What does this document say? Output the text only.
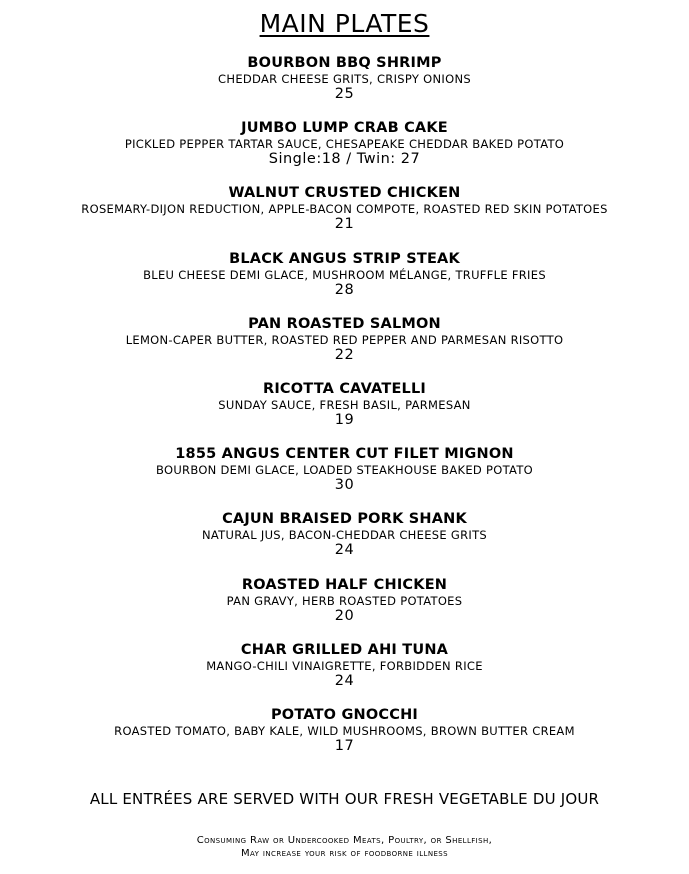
MAIN PLATES
BOURBON BBQ SHRIMP
CHEDDAR CHEESE GRITS, CRISPY ONIONS
25
JUMBO LUMP CRAB CAKE
PICKLED PEPPER TARTAR SAUCE, CHESAPEAKE CHEDDAR BAKED POTATO
Single:18 / Twin: 27
WALNUT CRUSTED CHICKEN
ROSEMARY-DIJON REDUCTION, APPLE-BACON COMPOTE, ROASTED RED SKIN POTATOES
21
BLACK ANGUS STRIP STEAK
BLEU CHEESE DEMI GLACE, MUSHROOM MÉLANGE, TRUFFLE FRIES
28
PAN ROASTED SALMON
LEMON-CAPER BUTTER, ROASTED RED PEPPER AND PARMESAN RISOTTO
22
RICOTTA CAVATELLI
SUNDAY SAUCE, FRESH BASIL, PARMESAN
19
1855 ANGUS CENTER CUT FILET MIGNON
BOURBON DEMI GLACE, LOADED STEAKHOUSE BAKED POTATO
30
CAJUN BRAISED PORK SHANK
NATURAL JUS, BACON-CHEDDAR CHEESE GRITS
24
ROASTED HALF CHICKEN
PAN GRAVY, HERB ROASTED POTATOES
20
CHAR GRILLED AHI TUNA
MANGO-CHILI VINAIGRETTE, FORBIDDEN RICE
24
POTATO GNOCCHI
ROASTED TOMATO, BABY KALE, WILD MUSHROOMS, BROWN BUTTER CREAM
17
ALL ENTRÉES ARE SERVED WITH OUR FRESH VEGETABLE DU JOUR
Consuming Raw or Undercooked Meats, Poultry, or Shellfish,
May increase your risk of foodborne illness
